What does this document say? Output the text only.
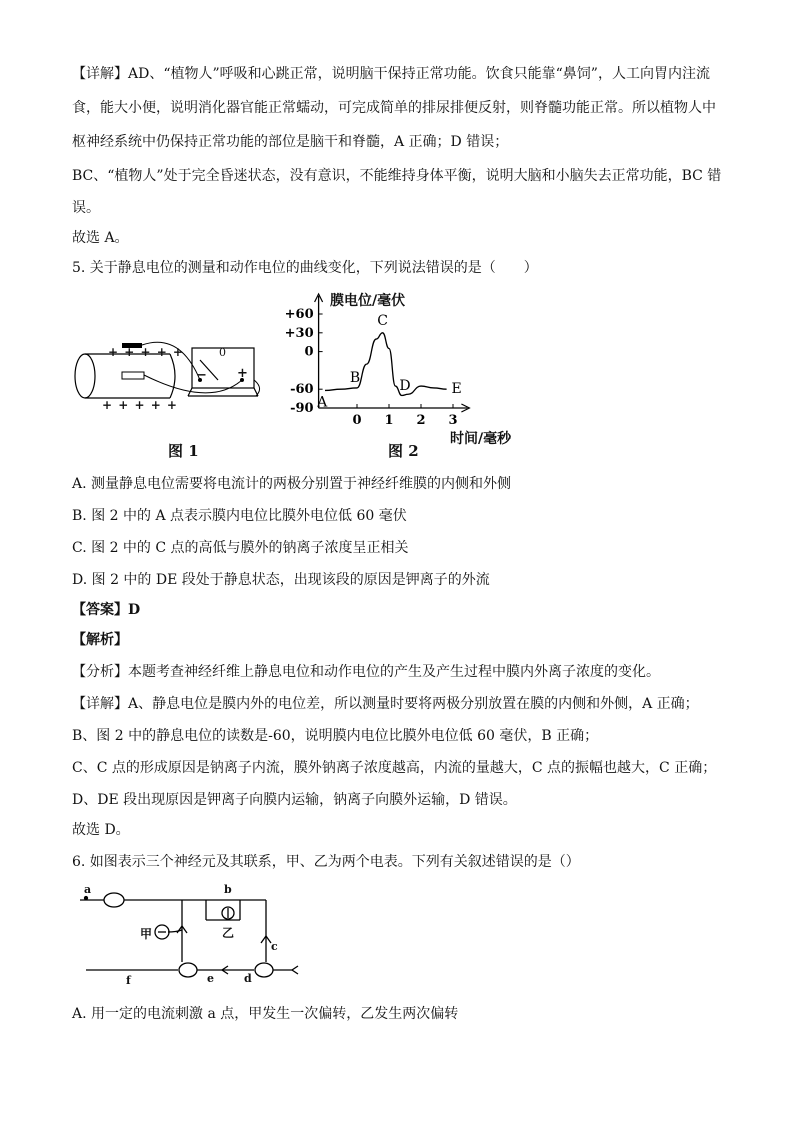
【详解】AD、“植物人”呼吸和心跳正常，说明脑干保持正常功能。饮食只能靠“鼻饲”，人工向胃内注流
食，能大小便，说明消化器官能正常蠕动，可完成简单的排尿排便反射，则脊髓功能正常。所以植物人中
枢神经系统中仍保持正常功能的部位是脑干和脊髓，A 正确；D 错误；
BC、“植物人”处于完全昏迷状态，没有意识，不能维持身体平衡，说明大脑和小脑失去正常功能，BC 错
误。
故选 A。
5. 关于静息电位的测量和动作电位的曲线变化，下列说法错误的是（　　）
+ + + + +
+ + + + +
0
− +
图 1
+60
+30
0
-60
-90
0 1 2 3
A
B
C
D	E
膜电位/毫伏
时间/毫秒
图 2
A. 测量静息电位需要将电流计的两极分别置于神经纤维膜的内侧和外侧
B. 图 2 中的 A 点表示膜内电位比膜外电位低 60 毫伏
C. 图 2 中的 C 点的高低与膜外的钠离子浓度呈正相关
D. 图 2 中的 DE 段处于静息状态，出现该段的原因是钾离子的外流
【答案】D
【解析】
【分析】本题考查神经纤维上静息电位和动作电位的产生及产生过程中膜内外离子浓度的变化。
【详解】A、静息电位是膜内外的电位差，所以测量时要将两极分别放置在膜的内侧和外侧，A 正确；
B、图 2 中的静息电位的读数是-60，说明膜内电位比膜外电位低 60 毫伏，B 正确；
C、C 点的形成原因是钠离子内流，膜外钠离子浓度越高，内流的量越大，C 点的振幅也越大，C 正确；
D、DE 段出现原因是钾离子向膜内运输，钠离子向膜外运输，D 错误。
故选 D。
6. 如图表示三个神经元及其联系，甲、乙为两个电表。下列有关叙述错误的是（）
a	b
c
d
e
f
甲	乙
A. 用一定的电流刺激 a 点，甲发生一次偏转，乙发生两次偏转
